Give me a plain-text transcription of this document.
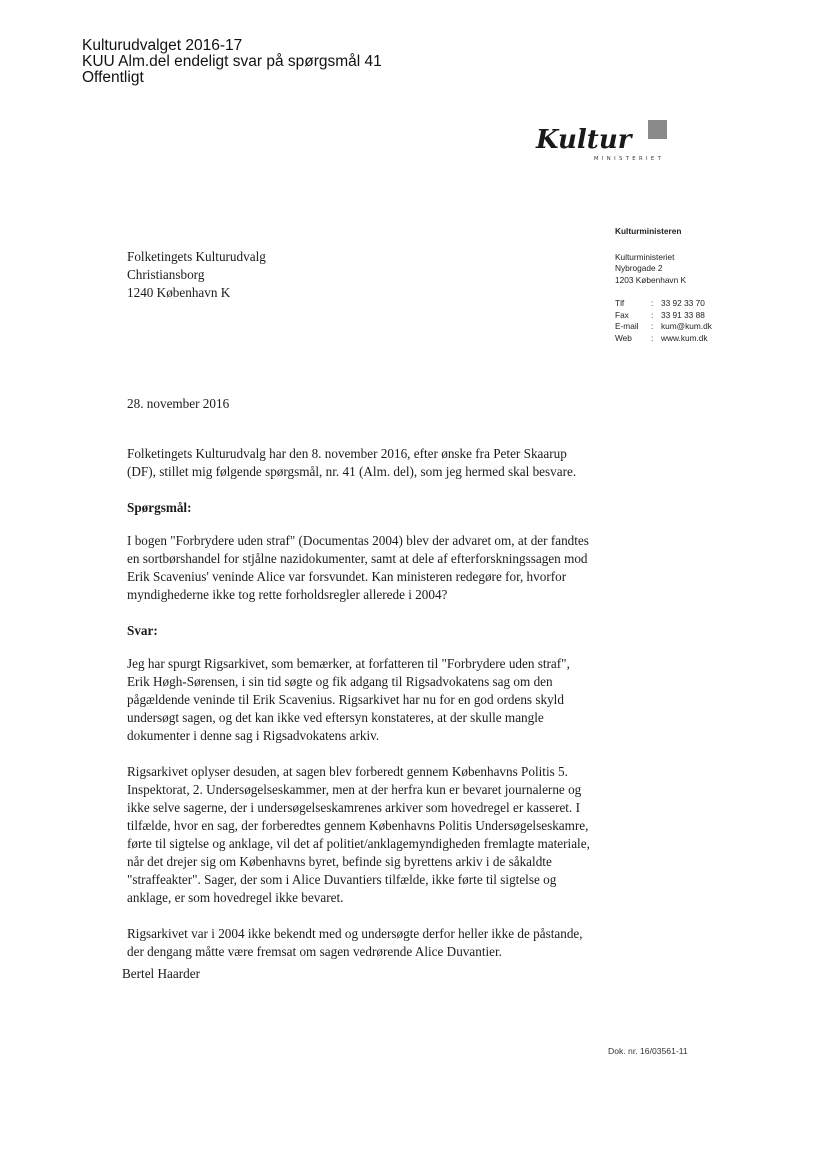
Kulturudvalget 2016-17
KUU Alm.del endeligt svar på spørgsmål 41
Offentligt
Kultur
MINISTERIET
Kulturministeren
Kulturministeriet
Nybrogade 2
1203 København K
Tlf	: 33 92 33 70
Fax	: 33 91 33 88
E-mail	: kum@kum.dk
Web	: www.kum.dk
Folketingets Kulturudvalg
Christiansborg
1240 København K
28. november 2016

Folketingets Kulturudvalg har den 8. november 2016, efter ønske fra Peter Skaarup

(DF), stillet mig følgende spørgsmål, nr. 41 (Alm. del), som jeg hermed skal besvare.

Spørgsmål:

I bogen "Forbrydere uden straf" (Documentas 2004) blev der advaret om, at der fandtes

en sortbørshandel for stjålne nazidokumenter, samt at dele af efterforskningssagen mod

Erik Scavenius' veninde Alice var forsvundet. Kan ministeren redegøre for, hvorfor

myndighederne ikke tog rette forholdsregler allerede i 2004?

Svar:

Jeg har spurgt Rigsarkivet, som bemærker, at forfatteren til "Forbrydere uden straf",

Erik Høgh-Sørensen, i sin tid søgte og fik adgang til Rigsadvokatens sag om den

pågældende veninde til Erik Scavenius. Rigsarkivet har nu for en god ordens skyld

undersøgt sagen, og det kan ikke ved eftersyn konstateres, at der skulle mangle

dokumenter i denne sag i Rigsadvokatens arkiv.

Rigsarkivet oplyser desuden, at sagen blev forberedt gennem Københavns Politis 5.

Inspektorat, 2. Undersøgelseskammer, men at der herfra kun er bevaret journalerne og

ikke selve sagerne, der i undersøgelseskamrenes arkiver som hovedregel er kasseret. I

tilfælde, hvor en sag, der forberedtes gennem Københavns Politis Undersøgelseskamre,

førte til sigtelse og anklage, vil det af politiet/anklagemyndigheden fremlagte materiale,

når det drejer sig om Københavns byret, befinde sig byrettens arkiv i de såkaldte

"straffeakter". Sager, der som i Alice Duvantiers tilfælde, ikke førte til sigtelse og

anklage, er som hovedregel ikke bevaret.

Rigsarkivet var i 2004 ikke bekendt med og undersøgte derfor heller ikke de påstande,

der dengang måtte være fremsat om sagen vedrørende Alice Duvantier.

Bertel Haarder
Dok. nr. 16/03561-11
